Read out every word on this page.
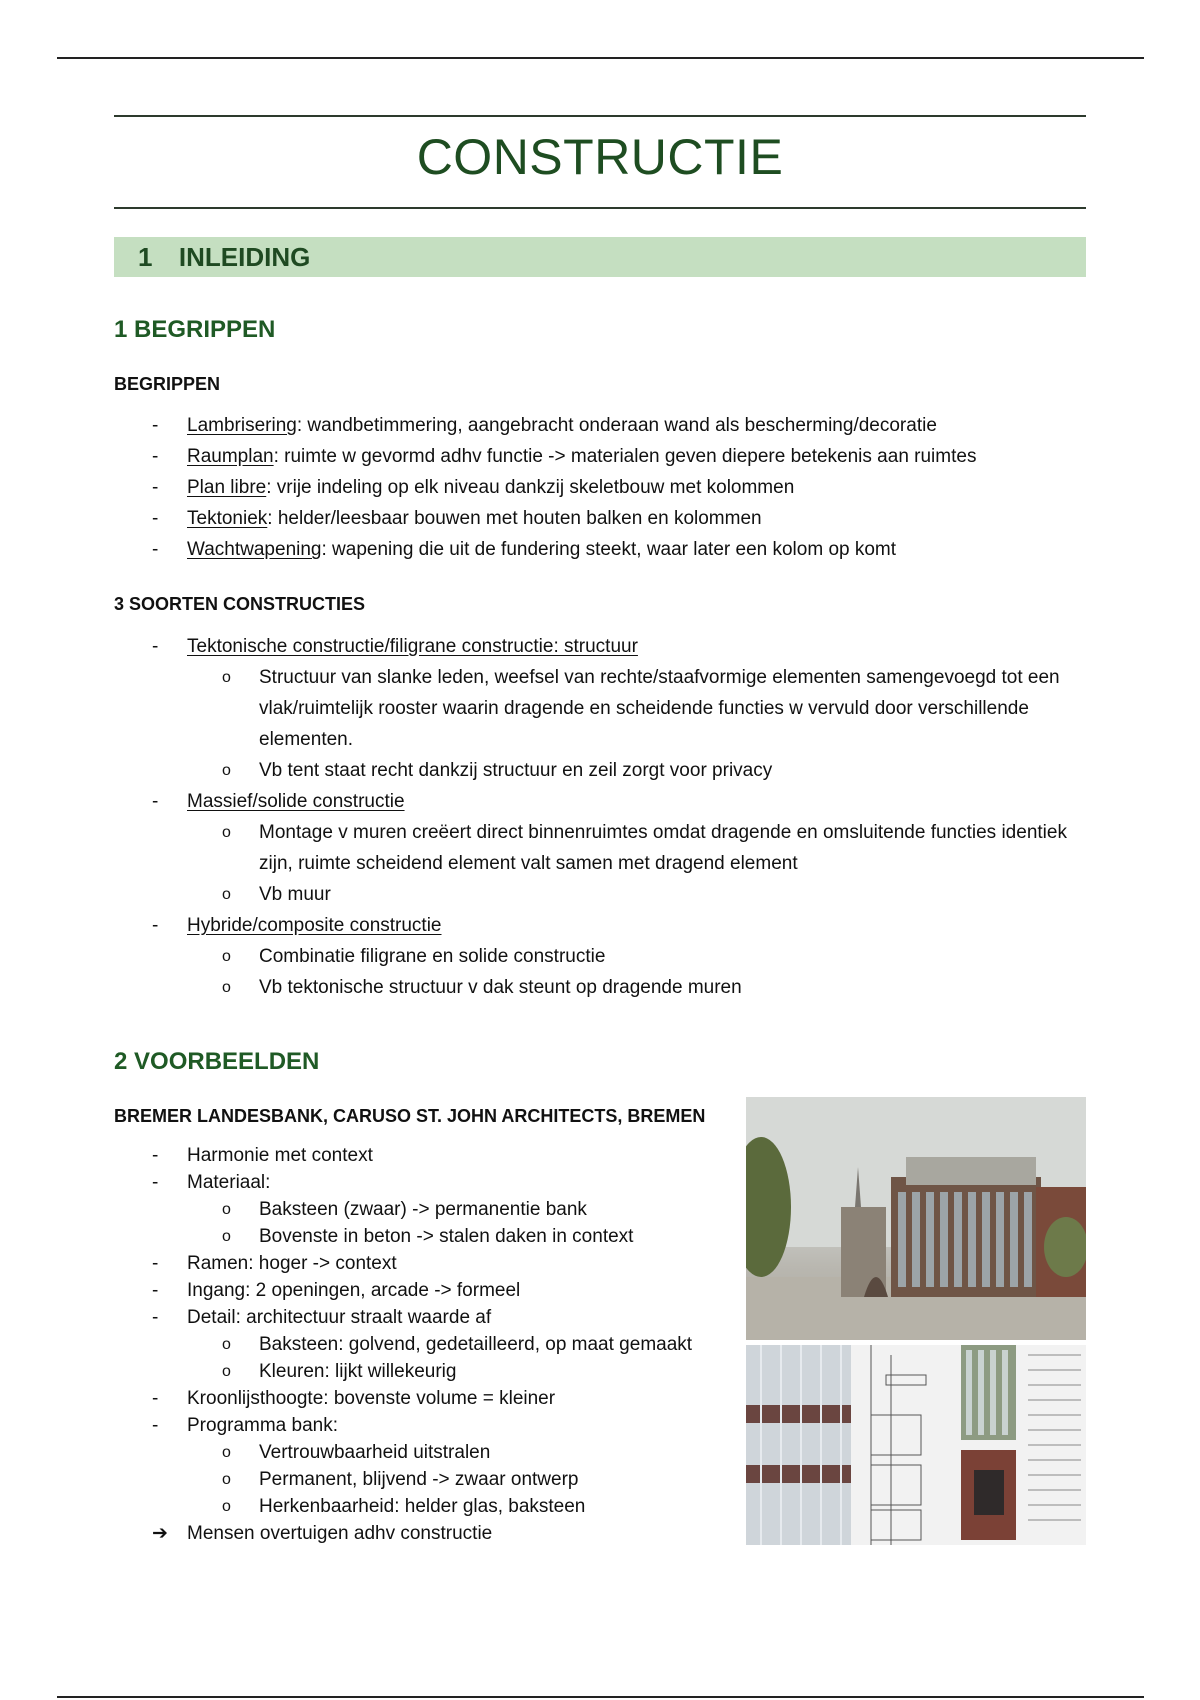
CONSTRUCTIE
1 INLEIDING
1 BEGRIPPEN
BEGRIPPEN
- Lambrisering: wandbetimmering, aangebracht onderaan wand als bescherming/decoratie
- Raumplan: ruimte w gevormd adhv functie -> materialen geven diepere betekenis aan ruimtes
- Plan libre: vrije indeling op elk niveau dankzij skeletbouw met kolommen
- Tektoniek: helder/leesbaar bouwen met houten balken en kolommen
- Wachtwapening: wapening die uit de fundering steekt, waar later een kolom op komt
3 SOORTEN CONSTRUCTIES
- Tektonische constructie/filigrane constructie: structuur
o Structuur van slanke leden, weefsel van rechte/staafvormige elementen samengevoegd tot een vlak/ruimtelijk rooster waarin dragende en scheidende functies w vervuld door verschillende elementen.
o Vb tent staat recht dankzij structuur en zeil zorgt voor privacy
- Massief/solide constructie
o Montage v muren creëert direct binnenruimtes omdat dragende en omsluitende functies identiek zijn, ruimte scheidend element valt samen met dragend element
o Vb muur
- Hybride/composite constructie
o Combinatie filigrane en solide constructie
o Vb tektonische structuur v dak steunt op dragende muren
2 VOORBEELDEN
BREMER LANDESBANK, CARUSO ST. JOHN ARCHITECTS, BREMEN
- Harmonie met context
- Materiaal:
o Baksteen (zwaar) -> permanentie bank
o Bovenste in beton -> stalen daken in context
- Ramen: hoger -> context
- Ingang: 2 openingen, arcade -> formeel
- Detail: architectuur straalt waarde af
o Baksteen: golvend, gedetailleerd, op maat gemaakt
o Kleuren: lijkt willekeurig
- Kroonlijsthoogte: bovenste volume = kleiner
- Programma bank:
o Vertrouwbaarheid uitstralen
o Permanent, blijvend -> zwaar ontwerp
o Herkenbaarheid: helder glas, baksteen
➔ Mensen overtuigen adhv constructie
